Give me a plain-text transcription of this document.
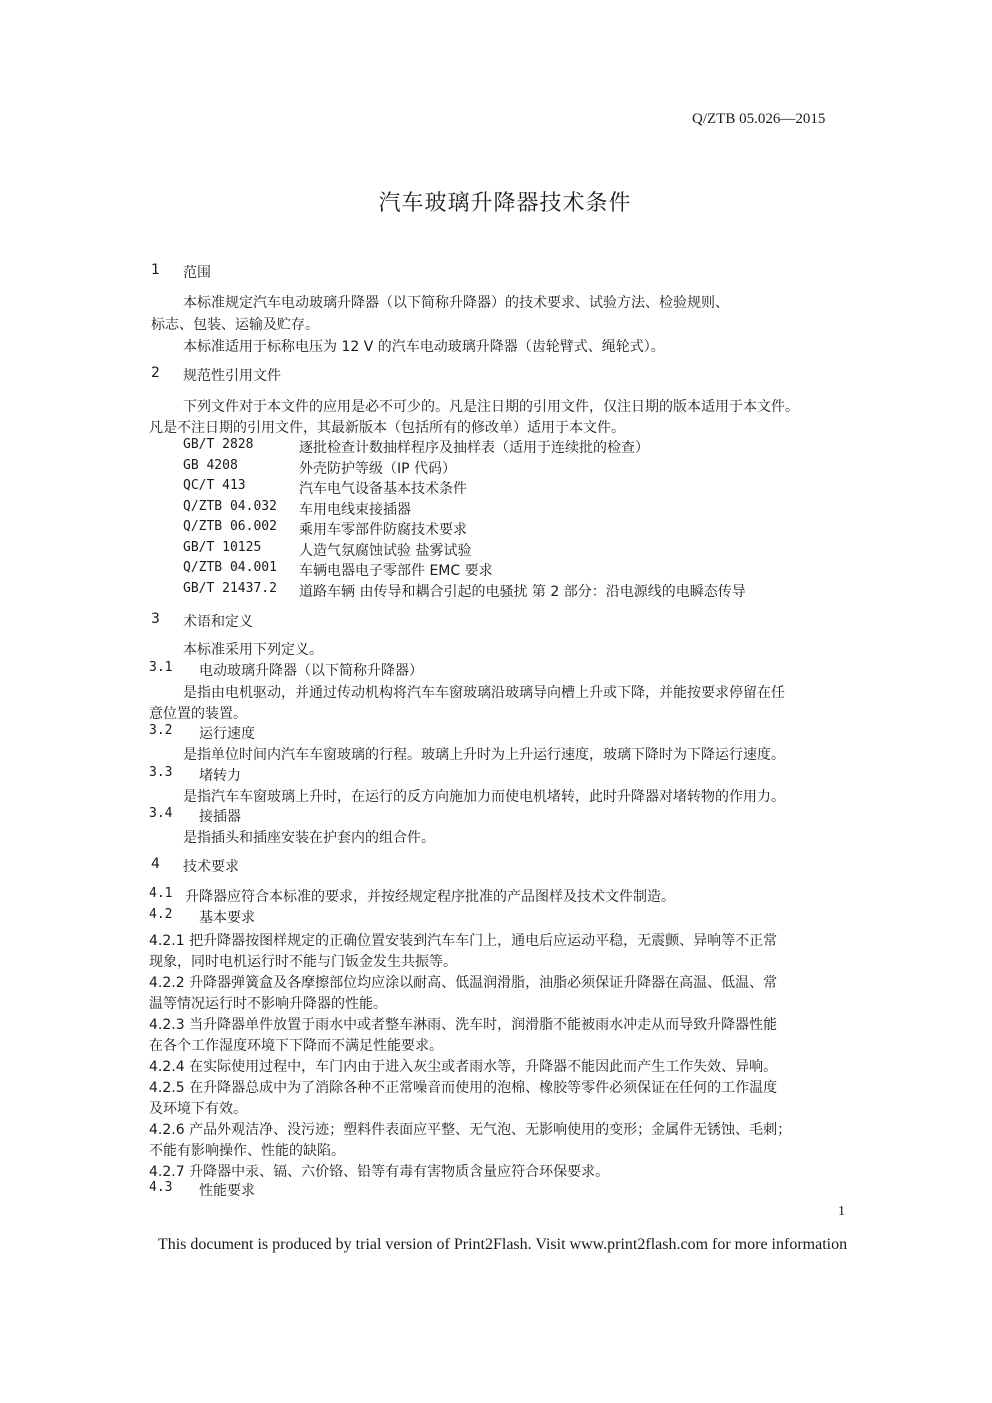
Q/ZTB 05.026—2015
汽车玻璃升降器技术条件
1 范围
本标准规定汽车电动玻璃升降器（以下简称升降器）的技术要求、试验方法、检验规则、
标志、包装、运输及贮存。
本标准适用于标称电压为 12 V 的汽车电动玻璃升降器（齿轮臂式、绳轮式）。
2 规范性引用文件
下列文件对于本文件的应用是必不可少的。凡是注日期的引用文件，仅注日期的版本适用于本文件。
凡是不注日期的引用文件，其最新版本（包括所有的修改单）适用于本文件。
GB/T 2828	逐批检查计数抽样程序及抽样表（适用于连续批的检查）
GB 4208	外壳防护等级（IP 代码）
QC/T 413	汽车电气设备基本技术条件
Q/ZTB 04.032 车用电线束接插器
Q/ZTB 06.002 乘用车零部件防腐技术要求
GB/T 10125	人造气氛腐蚀试验 盐雾试验
Q/ZTB 04.001 车辆电器电子零部件 EMC 要求
GB/T 21437.2 道路车辆 由传导和耦合引起的电骚扰 第 2 部分：沿电源线的电瞬态传导
3 术语和定义
本标准采用下列定义。
3.1 电动玻璃升降器（以下简称升降器）
是指由电机驱动，并通过传动机构将汽车车窗玻璃沿玻璃导向槽上升或下降，并能按要求停留在任
意位置的装置。
3.2 运行速度
是指单位时间内汽车车窗玻璃的行程。玻璃上升时为上升运行速度，玻璃下降时为下降运行速度。
3.3 堵转力
是指汽车车窗玻璃上升时，在运行的反方向施加力而使电机堵转，此时升降器对堵转物的作用力。
3.4 接插器
是指插头和插座安装在护套内的组合件。
4 技术要求
4.1 升降器应符合本标准的要求，并按经规定程序批准的产品图样及技术文件制造。
4.2 基本要求
4.2.1 把升降器按图样规定的正确位置安装到汽车车门上，通电后应运动平稳，无震颤、异响等不正常
现象，同时电机运行时不能与门钣金发生共振等。
4.2.2 升降器弹簧盒及各摩擦部位均应涂以耐高、低温润滑脂，油脂必须保证升降器在高温、低温、常
温等情况运行时不影响升降器的性能。
4.2.3 当升降器单件放置于雨水中或者整车淋雨、洗车时，润滑脂不能被雨水冲走从而导致升降器性能
在各个工作湿度环境下下降而不满足性能要求。
4.2.4 在实际使用过程中，车门内由于进入灰尘或者雨水等，升降器不能因此而产生工作失效、异响。
4.2.5 在升降器总成中为了消除各种不正常噪音而使用的泡棉、橡胶等零件必须保证在任何的工作温度
及环境下有效。
4.2.6 产品外观洁净、没污迹；塑料件表面应平整、无气泡、无影响使用的变形；金属件无锈蚀、毛刺；
不能有影响操作、性能的缺陷。
4.2.7 升降器中汞、镉、六价铬、铅等有毒有害物质含量应符合环保要求。
4.3 性能要求
1
This document is produced by trial version of Print2Flash. Visit www.print2flash.com for more information
